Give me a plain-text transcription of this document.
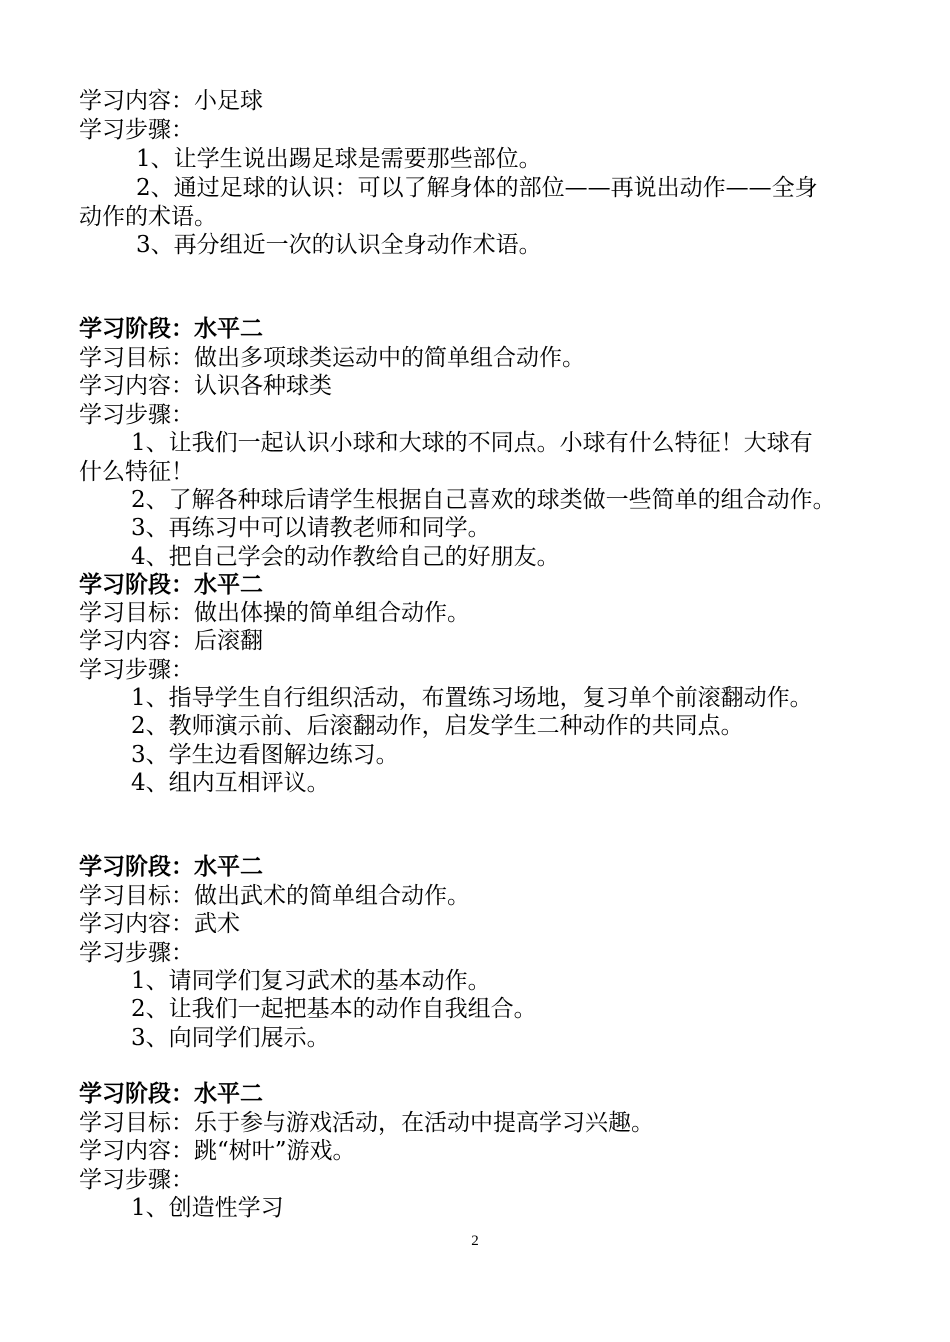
学习内容：小足球
学习步骤：
1、让学生说出踢足球是需要那些部位。
2、通过足球的认识：可以了解身体的部位——再说出动作——全身
动作的术语。
3、再分组近一次的认识全身动作术语。
学习阶段：水平二
学习目标：做出多项球类运动中的简单组合动作。
学习内容：认识各种球类
学习步骤：
1、让我们一起认识小球和大球的不同点。小球有什么特征！大球有
什么特征！
2、了解各种球后请学生根据自己喜欢的球类做一些简单的组合动作。
3、再练习中可以请教老师和同学。
4、把自己学会的动作教给自己的好朋友。
学习阶段：水平二
学习目标：做出体操的简单组合动作。
学习内容：后滚翻
学习步骤：
1、指导学生自行组织活动，布置练习场地，复习单个前滚翻动作。
2、教师演示前、后滚翻动作，启发学生二种动作的共同点。
3、学生边看图解边练习。
4、组内互相评议。
学习阶段：水平二
学习目标：做出武术的简单组合动作。
学习内容：武术
学习步骤：
1、请同学们复习武术的基本动作。
2、让我们一起把基本的动作自我组合。
3、向同学们展示。
学习阶段：水平二
学习目标：乐于参与游戏活动，在活动中提高学习兴趣。
学习内容：跳“树叶”游戏。
学习步骤：
1、创造性学习
2
